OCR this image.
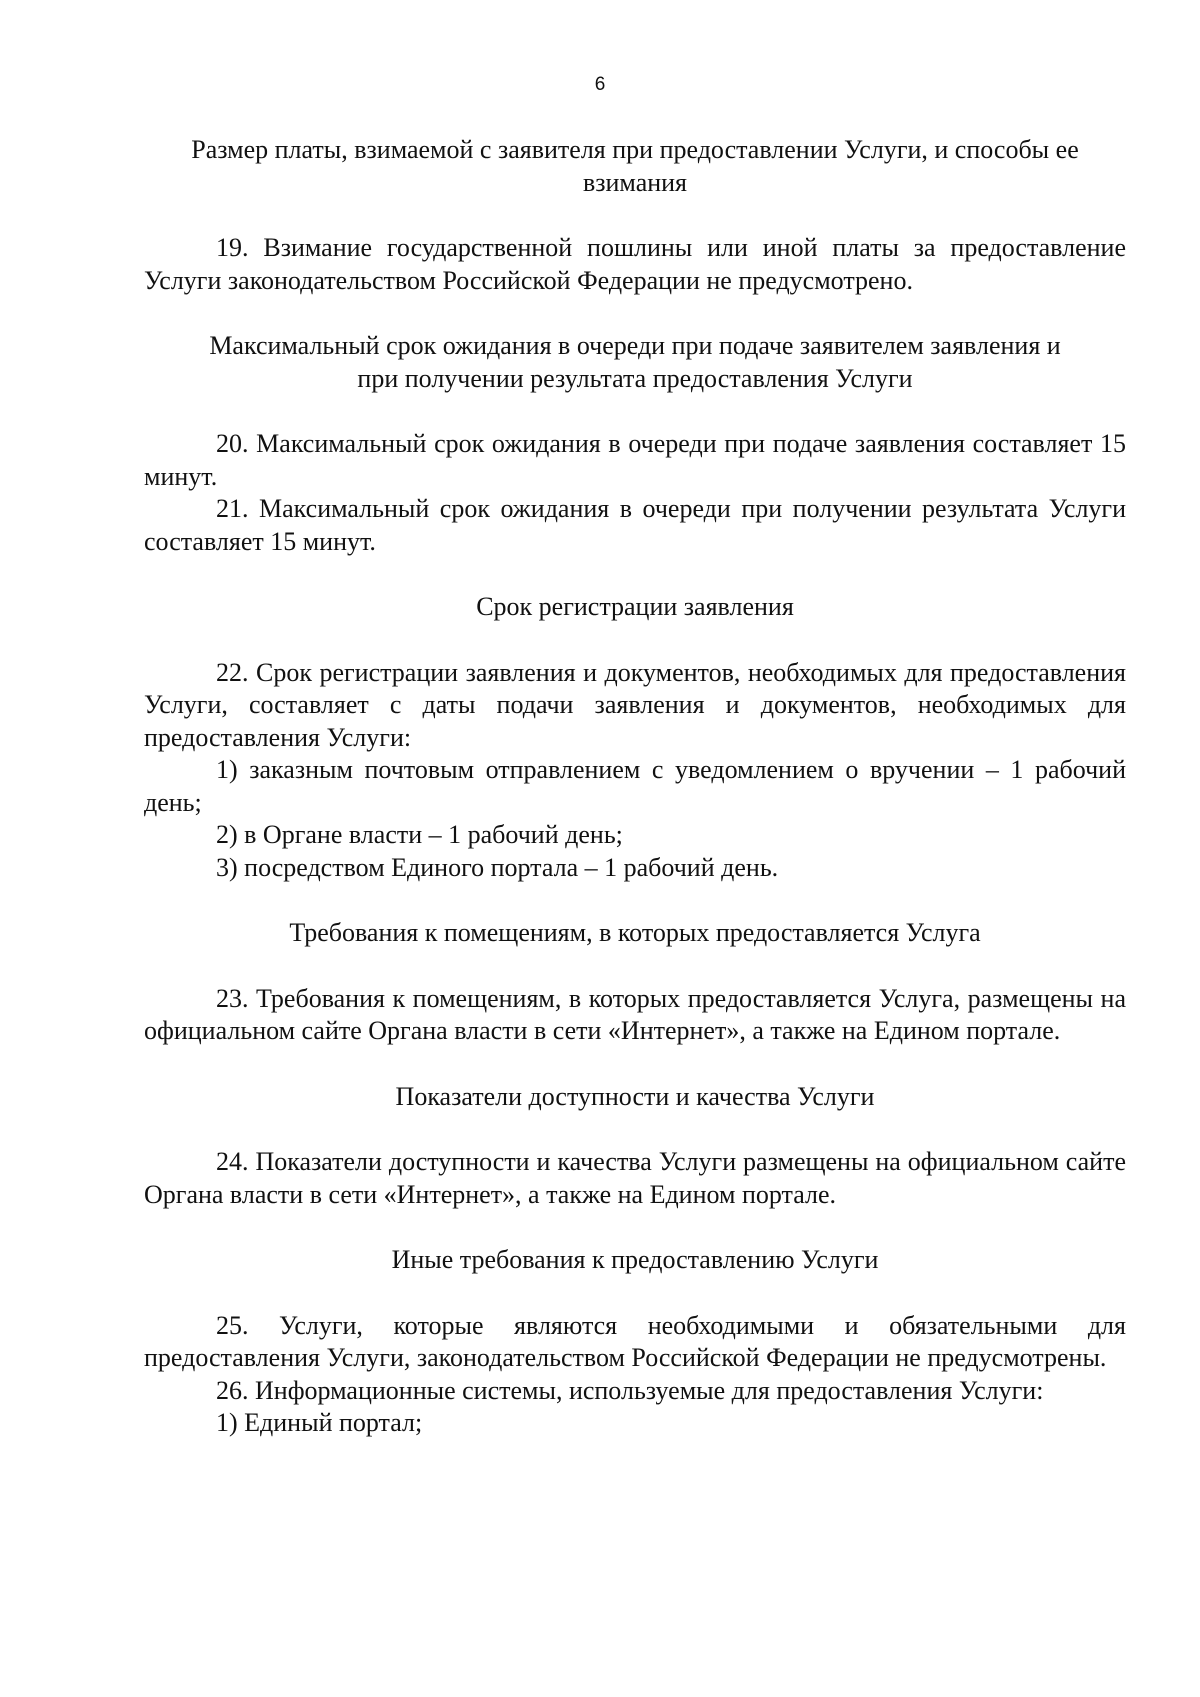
6
Размер платы, взимаемой с заявителя при предоставлении Услуги, и способы ее
взимания

19. Взимание государственной пошлины или иной платы за предоставление Услуги законодательством Российской Федерации не предусмотрено.

Максимальный срок ожидания в очереди при подаче заявителем заявления и
при получении результата предоставления Услуги

20. Максимальный срок ожидания в очереди при подаче заявления составляет 15 минут.

21. Максимальный срок ожидания в очереди при получении результата Услуги составляет 15 минут.

Срок регистрации заявления

22. Срок регистрации заявления и документов, необходимых для предоставления Услуги, составляет с даты подачи заявления и документов, необходимых для предоставления Услуги:

1) заказным почтовым отправлением с уведомлением о вручении – 1 рабочий день;

2) в Органе власти – 1 рабочий день;

3) посредством Единого портала – 1 рабочий день.

Требования к помещениям, в которых предоставляется Услуга

23. Требования к помещениям, в которых предоставляется Услуга, размещены на официальном сайте Органа власти в сети «Интернет», а также на Едином портале.

Показатели доступности и качества Услуги

24. Показатели доступности и качества Услуги размещены на официальном сайте Органа власти в сети «Интернет», а также на Едином портале.

Иные требования к предоставлению Услуги

25. Услуги, которые являются необходимыми и обязательными для предоставления Услуги, законодательством Российской Федерации не предусмотрены.

26. Информационные системы, используемые для предоставления Услуги:

1) Единый портал;
